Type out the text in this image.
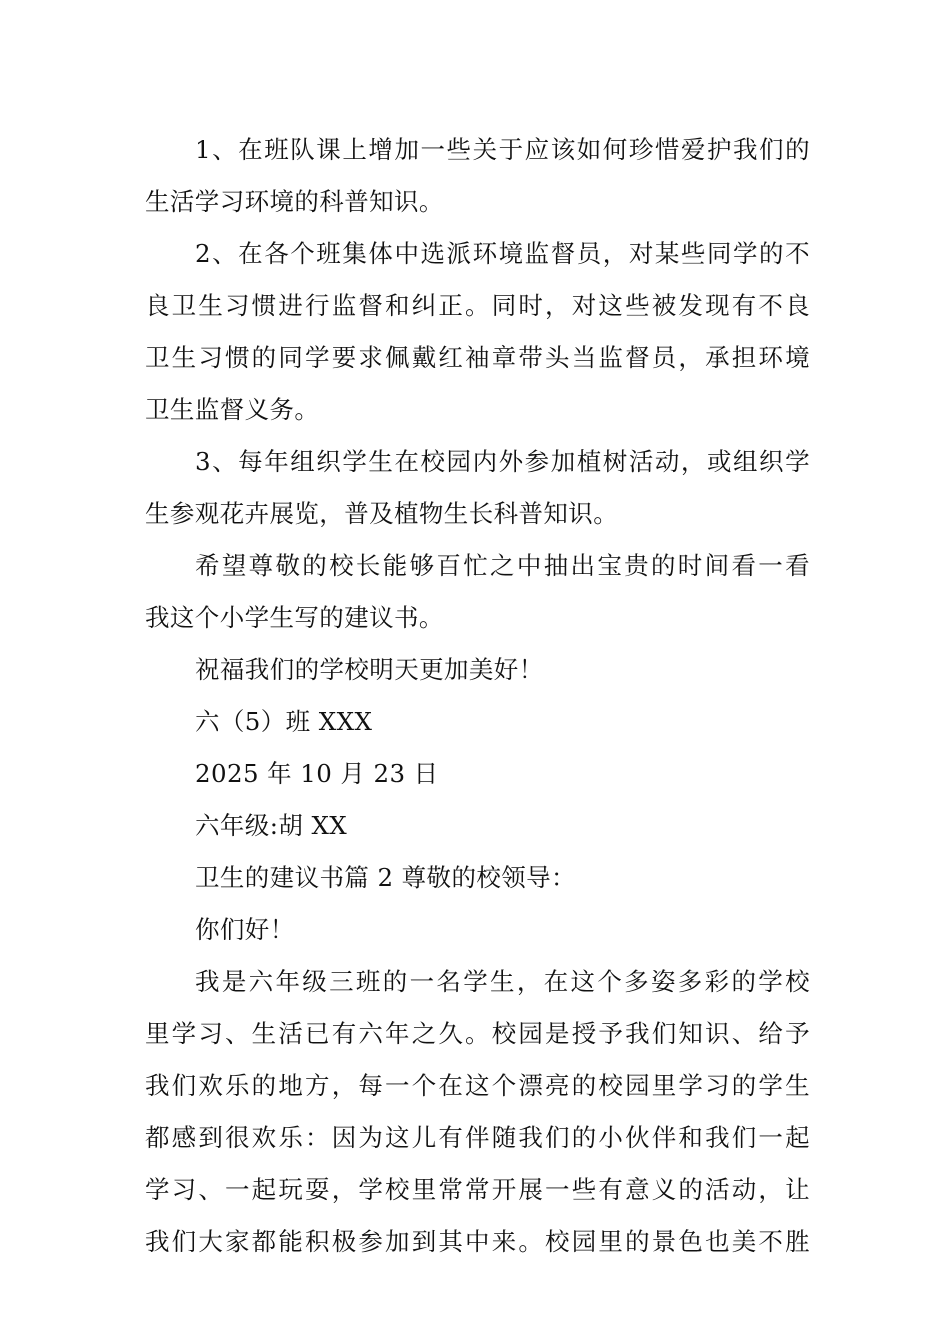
1、在班队课上增加一些关于应该如何珍惜爱护我们的
生活学习环境的科普知识。
2、在各个班集体中选派环境监督员，对某些同学的不
良卫生习惯进行监督和纠正。同时，对这些被发现有不良
卫生习惯的同学要求佩戴红袖章带头当监督员，承担环境
卫生监督义务。
3、每年组织学生在校园内外参加植树活动，或组织学
生参观花卉展览，普及植物生长科普知识。
希望尊敬的校长能够百忙之中抽出宝贵的时间看一看
我这个小学生写的建议书。
祝福我们的学校明天更加美好！
六（5）班 XXX
2025 年 10 月 23 日
六年级:胡 XX
卫生的建议书篇 2 尊敬的校领导：
你们好！
我是六年级三班的一名学生，在这个多姿多彩的学校
里学习、生活已有六年之久。校园是授予我们知识、给予
我们欢乐的地方，每一个在这个漂亮的校园里学习的学生
都感到很欢乐：因为这儿有伴随我们的小伙伴和我们一起
学习、一起玩耍，学校里常常开展一些有意义的活动，让
我们大家都能积极参加到其中来。校园里的景色也美不胜
